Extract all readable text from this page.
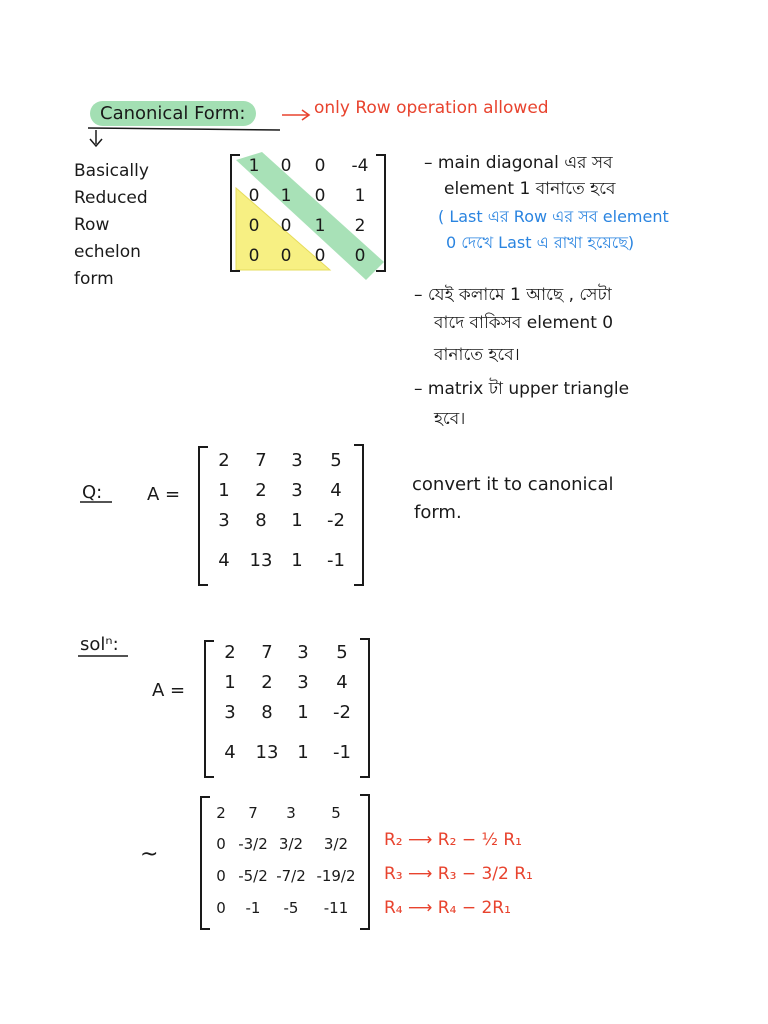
Canonical Form:	only Row operation allowed
Basically
Reduced
Row
echelon
form
1	0	0	-4
0	1	0	1
0	0	1	2
0	0	0	0
– main diagonal এর সব
element 1 বানাতে হবে
( Last এর Row এর সব element
0 দেখে Last এ রাখা হয়েছে)
– যেই কলামে 1 আছে , সেটা
বাদে বাকিসব element 0
বানাতে হবে।
– matrix টা upper triangle
হবে।
Q: A =
2	7	3	5
1	2	3	4
3	8	1	-2
4	13	1	-1
convert it to canonical
form.
solⁿ:
A =
2	7	3	5
1	2	3	4
3	8	1	-2
4	13	1	-1
~
2	7	3	5
0 -3/2 3/2	3/2
0 -5/2 -7/2 -19/2
0	-1	-5	-11
R₂ ⟶ R₂ − ½ R₁
R₃ ⟶ R₃ − 3/2 R₁
R₄ ⟶ R₄ − 2R₁
